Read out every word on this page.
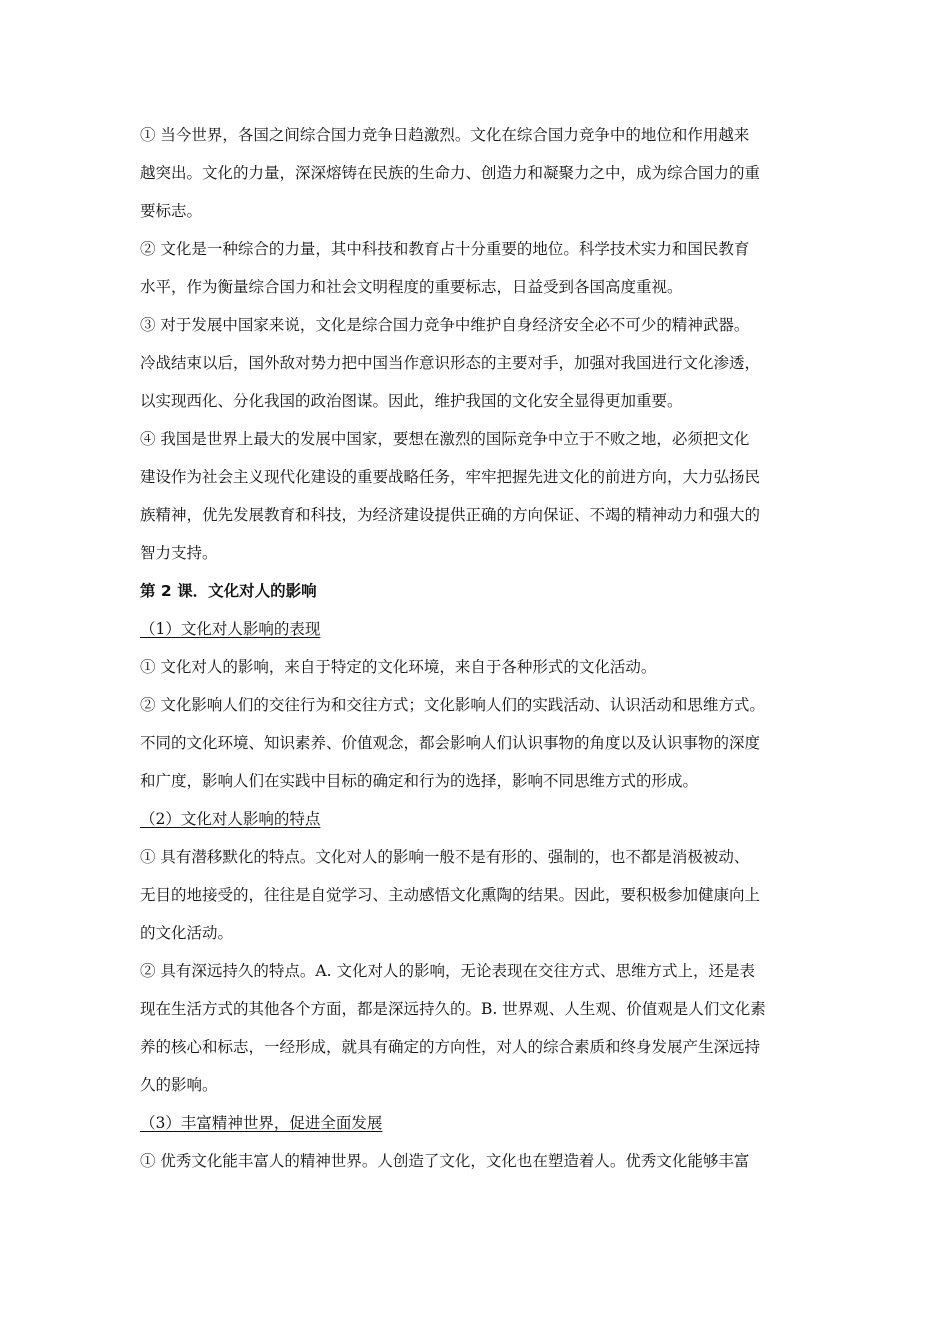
① 当今世界，各国之间综合国力竞争日趋激烈。文化在综合国力竞争中的地位和作用越来
越突出。文化的力量，深深熔铸在民族的生命力、创造力和凝聚力之中，成为综合国力的重
要标志。
② 文化是一种综合的力量，其中科技和教育占十分重要的地位。科学技术实力和国民教育
水平，作为衡量综合国力和社会文明程度的重要标志，日益受到各国高度重视。
③ 对于发展中国家来说，文化是综合国力竞争中维护自身经济安全必不可少的精神武器。
冷战结束以后，国外敌对势力把中国当作意识形态的主要对手，加强对我国进行文化渗透，
以实现西化、分化我国的政治图谋。因此，维护我国的文化安全显得更加重要。
④ 我国是世界上最大的发展中国家，要想在激烈的国际竞争中立于不败之地，必须把文化
建设作为社会主义现代化建设的重要战略任务，牢牢把握先进文化的前进方向，大力弘扬民
族精神，优先发展教育和科技，为经济建设提供正确的方向保证、不竭的精神动力和强大的
智力支持。
第 2 课．文化对人的影响
（1）文化对人影响的表现
① 文化对人的影响，来自于特定的文化环境，来自于各种形式的文化活动。
② 文化影响人们的交往行为和交往方式；文化影响人们的实践活动、认识活动和思维方式。
不同的文化环境、知识素养、价值观念，都会影响人们认识事物的角度以及认识事物的深度
和广度，影响人们在实践中目标的确定和行为的选择，影响不同思维方式的形成。
（2）文化对人影响的特点
① 具有潜移默化的特点。文化对人的影响一般不是有形的、强制的，也不都是消极被动、
无目的地接受的，往往是自觉学习、主动感悟文化熏陶的结果。因此，要积极参加健康向上
的文化活动。
② 具有深远持久的特点。A. 文化对人的影响，无论表现在交往方式、思维方式上，还是表
现在生活方式的其他各个方面，都是深远持久的。B. 世界观、人生观、价值观是人们文化素
养的核心和标志，一经形成，就具有确定的方向性，对人的综合素质和终身发展产生深远持
久的影响。
（3）丰富精神世界，促进全面发展
① 优秀文化能丰富人的精神世界。人创造了文化，文化也在塑造着人。优秀文化能够丰富
